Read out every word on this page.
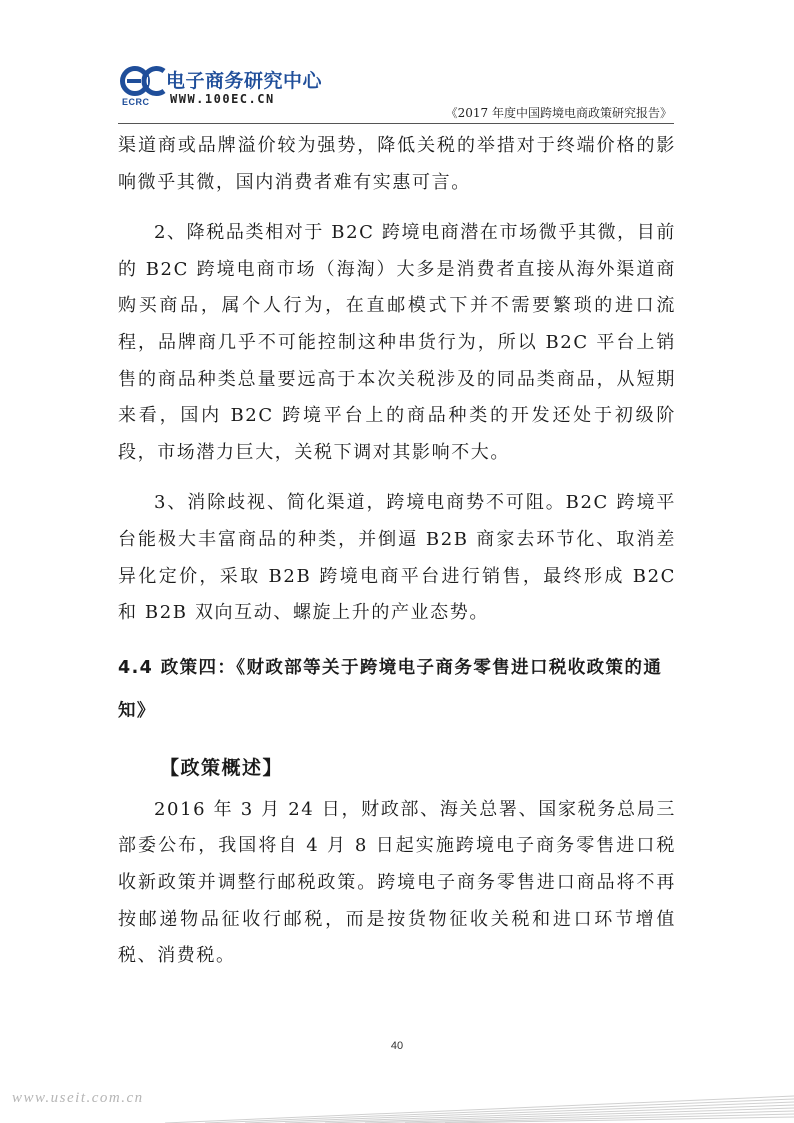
ECRC
电子商务研究中心
WWW.100EC.CN
《2017 年度中国跨境电商政策研究报告》

渠道商或品牌溢价较为强势，降低关税的举措对于终端价格的影响微乎其微，国内消费者难有实惠可言。

2、降税品类相对于 B2C 跨境电商潜在市场微乎其微，目前的 B2C 跨境电商市场（海淘）大多是消费者直接从海外渠道商购买商品，属个人行为，在直邮模式下并不需要繁琐的进口流程，品牌商几乎不可能控制这种串货行为，所以 B2C 平台上销售的商品种类总量要远高于本次关税涉及的同品类商品，从短期来看，国内 B2C 跨境平台上的商品种类的开发还处于初级阶段，市场潜力巨大，关税下调对其影响不大。

3、消除歧视、简化渠道，跨境电商势不可阻。B2C 跨境平台能极大丰富商品的种类，并倒逼 B2B 商家去环节化、取消差异化定价，采取 B2B 跨境电商平台进行销售，最终形成 B2C 和 B2B 双向互动、螺旋上升的产业态势。

4.4 政策四：《财政部等关于跨境电子商务零售进口税收政策的通知》

【政策概述】

2016 年 3 月 24 日，财政部、海关总署、国家税务总局三部委公布，我国将自 4 月 8 日起实施跨境电子商务零售进口税收新政策并调整行邮税政策。跨境电子商务零售进口商品将不再按邮递物品征收行邮税，而是按货物征收关税和进口环节增值税、消费税。

40
www.useit.com.cn
